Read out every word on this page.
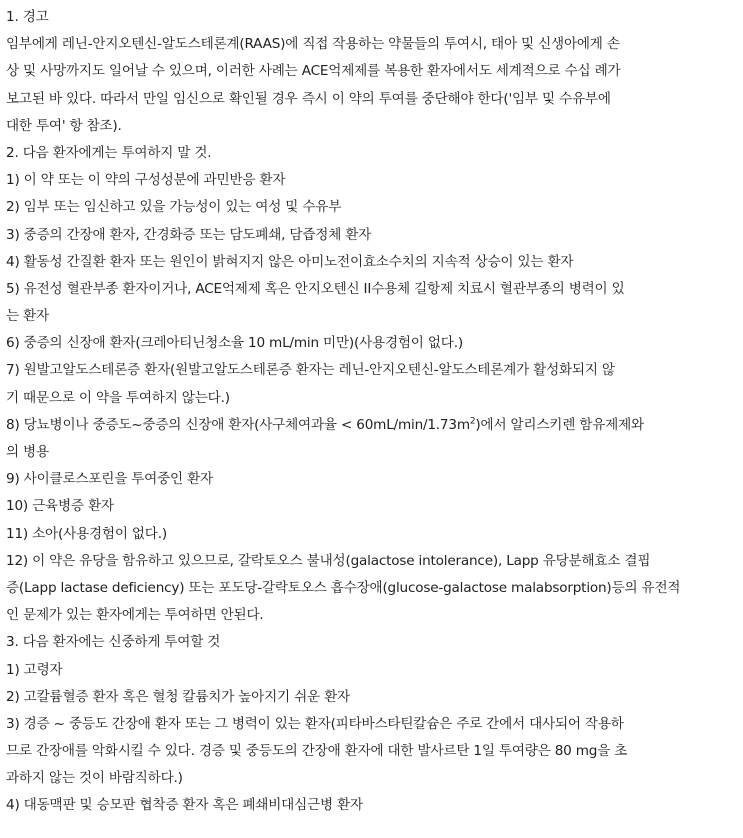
1. 경고
임부에게 레닌-안지오텐신-알도스테론계(RAAS)에 직접 작용하는 약물들의 투여시, 태아 및 신생아에게 손
상 및 사망까지도 일어날 수 있으며, 이러한 사례는 ACE억제제를 복용한 환자에서도 세계적으로 수십 례가
보고된 바 있다. 따라서 만일 임신으로 확인될 경우 즉시 이 약의 투여를 중단해야 한다('임부 및 수유부에
대한 투여' 항 참조).
2. 다음 환자에게는 투여하지 말 것.
1) 이 약 또는 이 약의 구성성분에 과민반응 환자
2) 임부 또는 임신하고 있을 가능성이 있는 여성 및 수유부
3) 중증의 간장애 환자, 간경화증 또는 담도폐쇄, 담즙정체 환자
4) 활동성 간질환 환자 또는 원인이 밝혀지지 않은 아미노전이효소수치의 지속적 상승이 있는 환자
5) 유전성 혈관부종 환자이거나, ACE억제제 혹은 안지오텐신 II수용체 길항제 치료시 혈관부종의 병력이 있
는 환자
6) 중증의 신장애 환자(크레아티닌청소율 10 mL/min 미만)(사용경험이 없다.)
7) 원발고알도스테론증 환자(원발고알도스테론증 환자는 레닌-안지오텐신-알도스테론계가 활성화되지 않
기 때문으로 이 약을 투여하지 않는다.)
8) 당뇨병이나 중증도~중증의 신장애 환자(사구체여과율 < $60mL/\min/1.73m^2$)에서 알리스키렌 함유제제와
의 병용
9) 사이클로스포린을 투여중인 환자
10) 근육병증 환자
11) 소아(사용경험이 없다.)
12) 이 약은 유당을 함유하고 있으므로, 갈락토오스 불내성(galactose intolerance), Lapp 유당분해효소 결핍
증(Lapp lactase deficiency) 또는 포도당-갈락토오스 흡수장애(glucose-galactose malabsorption)등의 유전적
인 문제가 있는 환자에게는 투여하면 안된다.
3. 다음 환자에는 신중하게 투여할 것
1) 고령자
2) 고칼륨혈증 환자 혹은 혈청 칼륨치가 높아지기 쉬운 환자
3) 경증 ~ 중등도 간장애 환자 또는 그 병력이 있는 환자(피타바스타틴칼슘은 주로 간에서 대사되어 작용하
므로 간장애를 악화시킬 수 있다. 경증 및 중등도의 간장애 환자에 대한 발사르탄 1일 투여량은 80 mg을 초
과하지 않는 것이 바람직하다.)
4) 대동맥판 및 승모판 협착증 환자 혹은 폐쇄비대심근병 환자
